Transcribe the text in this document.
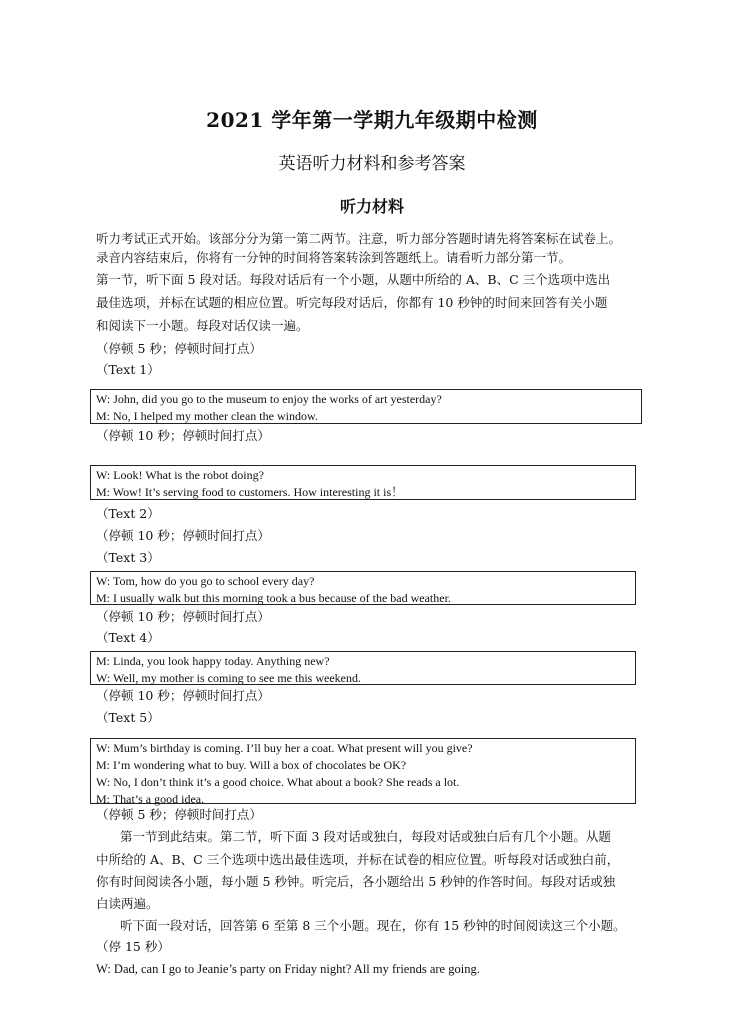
2021 学年第一学期九年级期中检测
英语听力材料和参考答案
听力材料
听力考试正式开始。该部分分为第一第二两节。注意，听力部分答题时请先将答案标在试卷上。
录音内容结束后，你将有一分钟的时间将答案转涂到答题纸上。请看听力部分第一节。
第一节，听下面 5 段对话。每段对话后有一个小题，从题中所给的 A、B、C 三个选项中选出
最佳选项，并标在试题的相应位置。听完每段对话后，你都有 10 秒钟的时间来回答有关小题
和阅读下一小题。每段对话仅读一遍。
（停顿 5 秒；停顿时间打点）
（Text 1）
W: John, did you go to the museum to enjoy the works of art yesterday?
M: No, I helped my mother clean the window.
（停顿 10 秒；停顿时间打点）
W: Look! What is the robot doing?
M: Wow! It’s serving food to customers. How interesting it is！
（Text 2）
（停顿 10 秒；停顿时间打点）
（Text 3）
W: Tom, how do you go to school every day?
M: I usually walk but this morning took a bus because of the bad weather.
（停顿 10 秒；停顿时间打点）
（Text 4）
M: Linda, you look happy today. Anything new?
W: Well, my mother is coming to see me this weekend.
（停顿 10 秒；停顿时间打点）
（Text 5）
W: Mum’s birthday is coming. I’ll buy her a coat. What present will you give?
M: I’m wondering what to buy. Will a box of chocolates be OK?
W: No, I don’t think it’s a good choice. What about a book? She reads a lot.
M: That’s a good idea.
（停顿 5 秒；停顿时间打点）
第一节到此结束。第二节，听下面 3 段对话或独白，每段对话或独白后有几个小题。从题
中所给的 A、B、C 三个选项中选出最佳选项，并标在试卷的相应位置。听每段对话或独白前，
你有时间阅读各小题，每小题 5 秒钟。听完后，各小题给出 5 秒钟的作答时间。每段对话或独
白读两遍。
听下面一段对话，回答第 6 至第 8 三个小题。现在，你有 15 秒钟的时间阅读这三个小题。
（停 15 秒）
W: Dad, can I go to Jeanie’s party on Friday night? All my friends are going.
